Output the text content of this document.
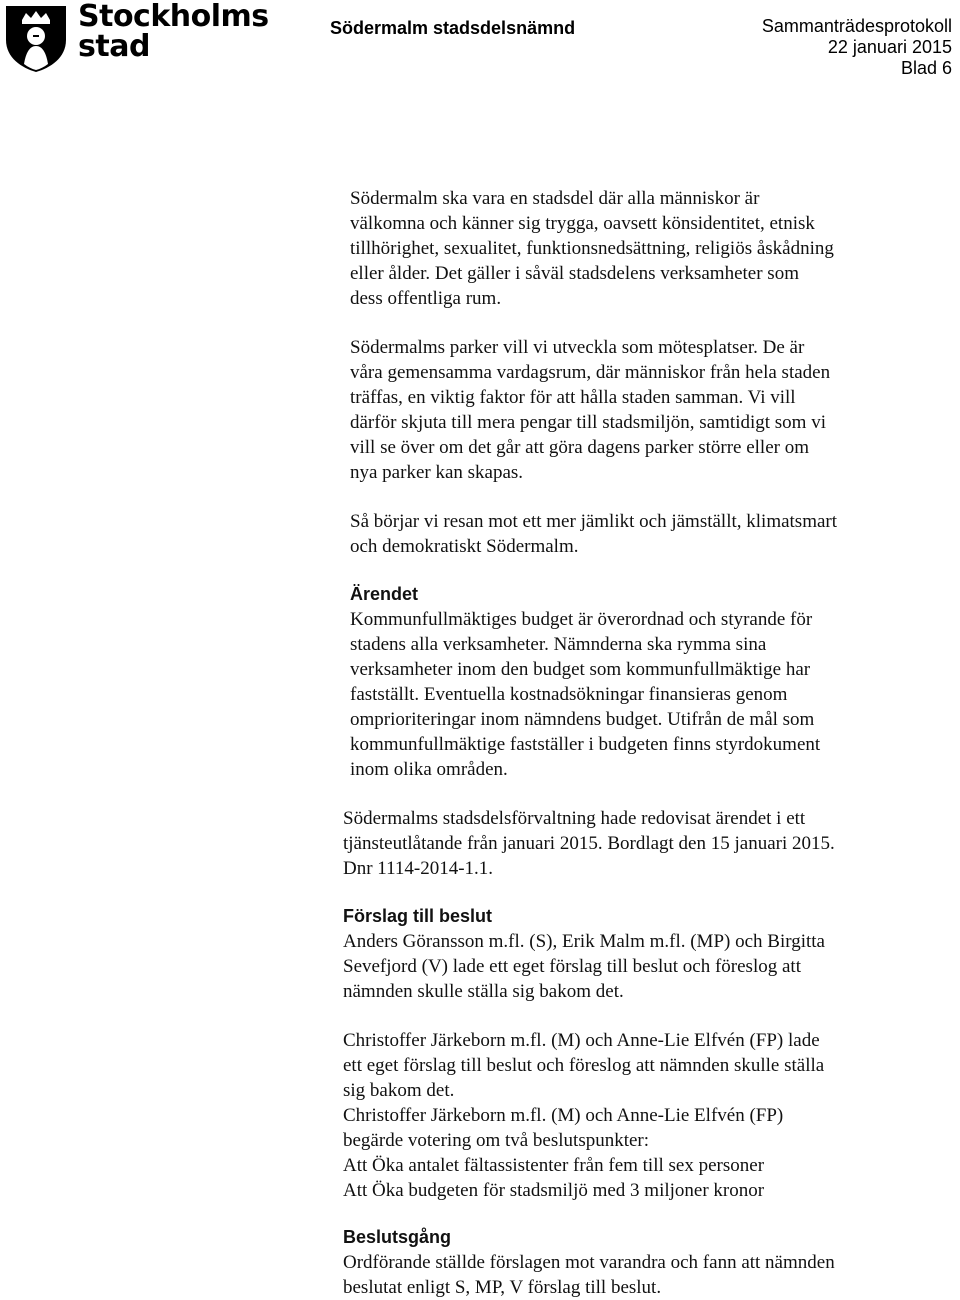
Stockholms
stad
Södermalm stadsdelsnämnd	Sammanträdesprotokoll
22 januari 2015
Blad 6

Södermalm ska vara en stadsdel där alla människor är
välkomna och känner sig trygga, oavsett könsidentitet, etnisk
tillhörighet, sexualitet, funktionsnedsättning, religiös åskådning
eller ålder. Det gäller i såväl stadsdelens verksamheter som
dess offentliga rum.

Södermalms parker vill vi utveckla som mötesplatser. De är
våra gemensamma vardagsrum, där människor från hela staden
träffas, en viktig faktor för att hålla staden samman. Vi vill
därför skjuta till mera pengar till stadsmiljön, samtidigt som vi
vill se över om det går att göra dagens parker större eller om
nya parker kan skapas.

Så börjar vi resan mot ett mer jämlikt och jämställt, klimatsmart
och demokratiskt Södermalm.

Ärendet

Kommunfullmäktiges budget är överordnad och styrande för
stadens alla verksamheter. Nämnderna ska rymma sina
verksamheter inom den budget som kommunfullmäktige har
fastställt. Eventuella kostnadsökningar finansieras genom
omprioriteringar inom nämndens budget. Utifrån de mål som
kommunfullmäktige fastställer i budgeten finns styrdokument
inom olika områden.

Södermalms stadsdelsförvaltning hade redovisat ärendet i ett
tjänsteutlåtande från januari 2015. Bordlagt den 15 januari 2015.
Dnr 1114-2014-1.1.

Förslag till beslut

Anders Göransson m.fl. (S), Erik Malm m.fl. (MP) och Birgitta
Sevefjord (V) lade ett eget förslag till beslut och föreslog att
nämnden skulle ställa sig bakom det.

Christoffer Järkeborn m.fl. (M) och Anne-Lie Elfvén (FP) lade
ett eget förslag till beslut och föreslog att nämnden skulle ställa
sig bakom det.
Christoffer Järkeborn m.fl. (M) och Anne-Lie Elfvén (FP)
begärde votering om två beslutspunkter:
Att Öka antalet fältassistenter från fem till sex personer
Att Öka budgeten för stadsmiljö med 3 miljoner kronor

Beslutsgång

Ordförande ställde förslagen mot varandra och fann att nämnden
beslutat enligt S, MP, V förslag till beslut.
